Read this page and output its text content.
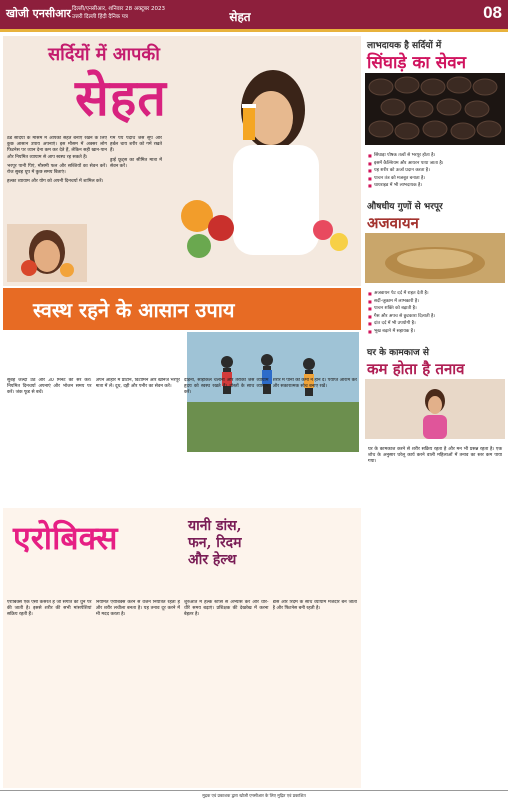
खोजी एनसीआर दिल्ली/एनसीआर, शनिवार 28 अक्टूबर 2023
उत्तरी दिल्ली हिंदी दैनिक पत्र	सेहत	08
सर्दियों में आपकी
सेहत

ठंड सर्दियों के मौसम में आपकी सेहत बनाए रखने के लिए कुछ आसान उपाय अपनाएं। इस मौसम में अक्सर लोग फिटनेस पर ध्यान देना कम कर देते हैं, लेकिन सही खान-पान और नियमित व्यायाम से आप स्वस्थ रह सकते हैं।

भरपूर पानी पिएं, मौसमी फल और सब्जियों का सेवन करें। रोज सुबह धूप में कुछ समय बिताएं।

हल्का व्यायाम और योग को अपनी दिनचर्या में शामिल करें।

गर्म पेय पदार्थ जैसे सूप और हर्बल चाय शरीर को गर्म रखते हैं।

ड्राई फ्रूट्स का सीमित मात्रा में सेवन करें।

स्वस्थ रहने के आसान उपाय
सुबह जल्दी उठें और 30 मिनट की सैर करें। नियमित दिनचर्या अपनाएं और भोजन समय पर करें। जंक फूड से बचें।
अपने आहार में प्रोटीन, विटामिन और खनिज भरपूर मात्रा में लें। दूध, दही और पनीर का सेवन करें।
दौड़ना, साइकिल चलाना और तैराकी जैसे व्यायाम हृदय को स्वस्थ रखते हैं। दोस्तों के साथ व्यायाम करें।
शरीर में पानी की कमी न होने दें। पर्याप्त आराम करें और सकारात्मक सोच बनाए रखें।
एरोबिक्स	यानी डांस,
फन, रिदम
और हेल्थ
एरोबिक्स एक ऐसी कसरत है जो संगीत की धुन पर की जाती है। इससे शरीर की सभी मांसपेशियां सक्रिय रहती हैं।
नियमित एरोबिक्स करने से वजन नियंत्रित रहता है और शरीर लचीला बनता है। यह तनाव दूर करने में भी मदद करता है।
शुरुआत में हल्के स्टेप्स से अभ्यास करें और धीरे-धीरे समय बढ़ाएं। प्रशिक्षक की देखरेख में करना बेहतर है।
डांस और रिदम के साथ व्यायाम मजेदार बन जाता है और फिटनेस बनी रहती है।
लाभदायक है सर्दियों में
सिंघाड़े का सेवन
■ सिंघाड़ा पोषक तत्वों से भरपूर होता है।
■ इसमें कैल्शियम और आयरन पाया जाता है।
■ यह शरीर को ऊर्जा प्रदान करता है।
■ पाचन तंत्र को मजबूत बनाता है।
■ थायराइड में भी लाभदायक है।
औषधीय गुणों से भरपूर
अजवायन
■ अजवायन पेट दर्द में राहत देती है।
■ सर्दी-जुकाम में लाभकारी है।
■ पाचन शक्ति को बढ़ाती है।
■ गैस और अपच से छुटकारा दिलाती है।
■ दांत दर्द में भी उपयोगी है।
■ भूख बढ़ाने में सहायक है।
घर के कामकाज से
कम होता है तनाव
घर के कामकाज करने से शरीर सक्रिय रहता है और मन भी प्रसन्न रहता है। एक शोध के अनुसार घरेलू कार्य करने वाली महिलाओं में तनाव का स्तर कम पाया गया।
मुद्रक एवं प्रकाशक द्वारा खोजी एनसीआर के लिए मुद्रित एवं प्रकाशित
